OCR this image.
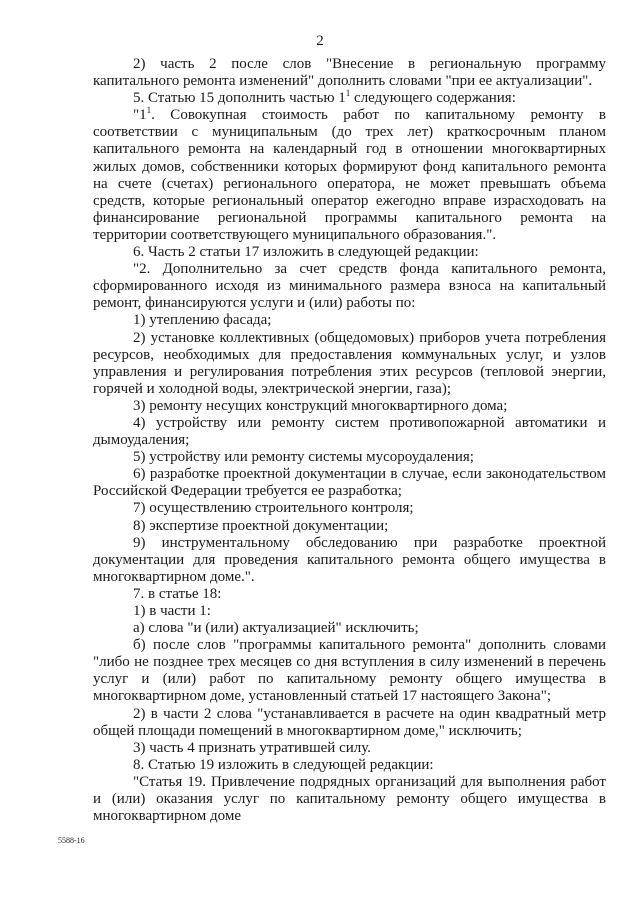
2

2) часть 2 после слов "Внесение в региональную программу капитального ремонта изменений" дополнить словами "при ее актуализации".

5. Статью 15 дополнить частью $1^1$ следующего содержания:

"$1^1$. Совокупная стоимость работ по капитальному ремонту в соответствии с муниципальным (до трех лет) краткосрочным планом капитального ремонта на календарный год в отношении многоквартирных жилых домов, собственники которых формируют фонд капитального ремонта на счете (счетах) регионального оператора, не может превышать объема средств, которые региональный оператор ежегодно вправе израсходовать на финансирование региональной программы капитального ремонта на территории соответствующего муниципального образования.".

6. Часть 2 статьи 17 изложить в следующей редакции:

"2. Дополнительно за счет средств фонда капитального ремонта, сформированного исходя из минимального размера взноса на капитальный ремонт, финансируются услуги и (или) работы по:

1) утеплению фасада;

2) установке коллективных (общедомовых) приборов учета потребления ресурсов, необходимых для предоставления коммунальных услуг, и узлов управления и регулирования потребления этих ресурсов (тепловой энергии, горячей и холодной воды, электрической энергии, газа);

3) ремонту несущих конструкций многоквартирного дома;

4) устройству или ремонту систем противопожарной автоматики и дымоудаления;

5) устройству или ремонту системы мусороудаления;

6) разработке проектной документации в случае, если законодательством Российской Федерации требуется ее разработка;

7) осуществлению строительного контроля;

8) экспертизе проектной документации;

9) инструментальному обследованию при разработке проектной документации для проведения капитального ремонта общего имущества в многоквартирном доме.".

7. в статье 18:

1) в части 1:

а) слова "и (или) актуализацией" исключить;

б) после слов "программы капитального ремонта" дополнить словами "либо не позднее трех месяцев со дня вступления в силу изменений в перечень услуг и (или) работ по капитальному ремонту общего имущества в многоквартирном доме, установленный статьей 17 настоящего Закона";

2) в части 2 слова "устанавливается в расчете на один квадратный метр общей площади помещений в многоквартирном доме," исключить;

3) часть 4 признать утратившей силу.

8. Статью 19 изложить в следующей редакции:

"Статья 19. Привлечение подрядных организаций для выполнения работ и (или) оказания услуг по капитальному ремонту общего имущества в многоквартирном доме

5588-16
